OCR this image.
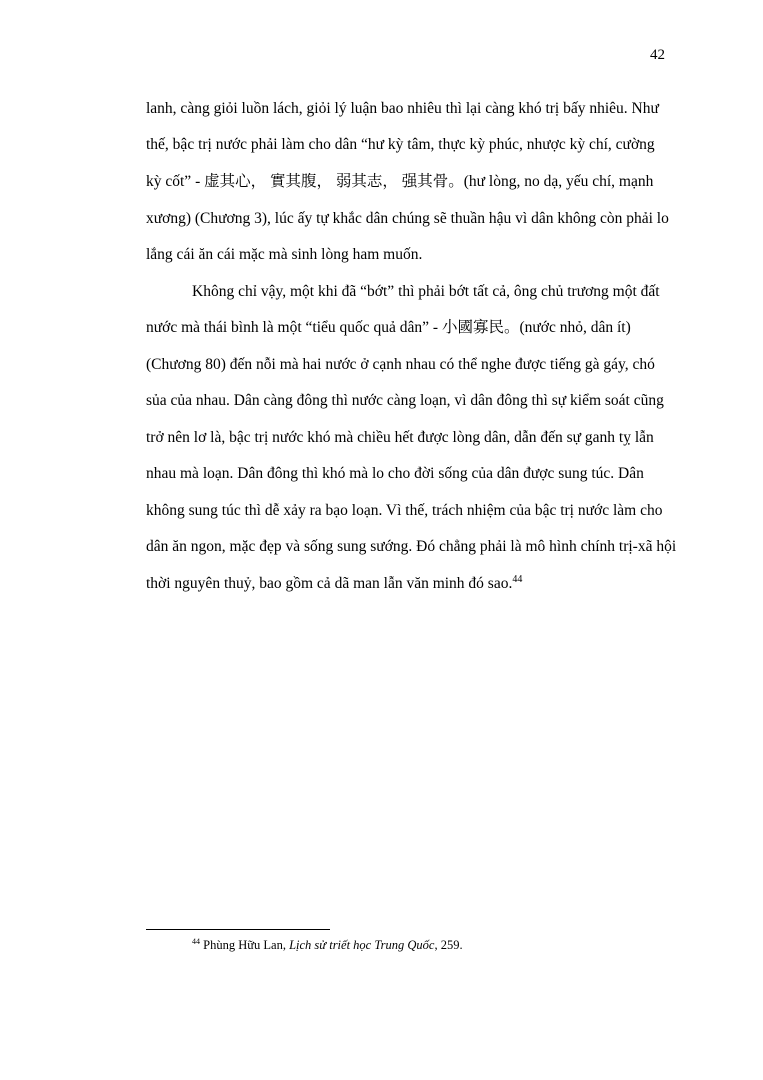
42
lanh, càng giỏi luồn lách, giỏi lý luận bao nhiêu thì lại càng khó trị bấy nhiêu. Như
thế, bậc trị nước phải làm cho dân “hư kỳ tâm, thực kỳ phúc, nhược kỳ chí, cường
kỳ cốt” - 虚其心， 實其腹， 弱其志， 强其骨。(hư lòng, no dạ, yếu chí, mạnh
xương) (Chương 3), lúc ấy tự khắc dân chúng sẽ thuần hậu vì dân không còn phải lo
lắng cái ăn cái mặc mà sinh lòng ham muốn.
Không chỉ vậy, một khi đã “bớt” thì phải bớt tất cả, ông chủ trương một đất
nước mà thái bình là một “tiểu quốc quả dân” - 小國寡民。(nước nhỏ, dân ít)
(Chương 80) đến nỗi mà hai nước ở cạnh nhau có thể nghe được tiếng gà gáy, chó
sủa của nhau. Dân càng đông thì nước càng loạn, vì dân đông thì sự kiểm soát cũng
trở nên lơ là, bậc trị nước khó mà chiều hết được lòng dân, dẫn đến sự ganh tỵ lẫn
nhau mà loạn. Dân đông thì khó mà lo cho đời sống của dân được sung túc. Dân
không sung túc thì dễ xảy ra bạo loạn. Vì thế, trách nhiệm của bậc trị nước làm cho
dân ăn ngon, mặc đẹp và sống sung sướng. Đó chẳng phải là mô hình chính trị-xã hội
thời nguyên thuỷ, bao gồm cả dã man lẫn văn minh đó sao.$^{44}$
$^{44}$ Phùng Hữu Lan, Lịch sử triết học Trung Quốc, 259.
